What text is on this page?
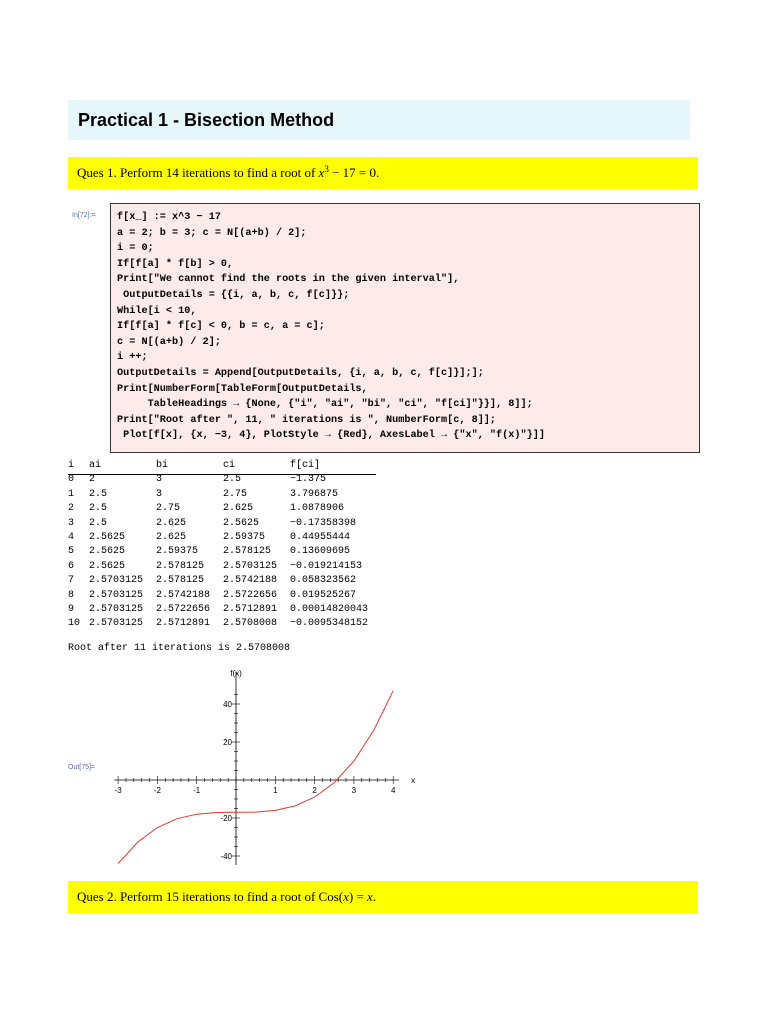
Practical 1 - Bisection Method
Ques 1. Perform 14 iterations to find a root of $x^3 - 17 = 0$.
In[72]:= f[x_] := x^3 − 17
a = 2; b = 3; c = N[(a+b) / 2];
i = 0;
If[f[a] * f[b] > 0,
Print["We cannot find the roots in the given interval"],
OutputDetails = {{i, a, b, c, f[c]}};
While[i < 10,
If[f[a] * f[c] < 0, b = c, a = c];
c = N[(a+b) / 2];
i ++;
OutputDetails = Append[OutputDetails, {i, a, b, c, f[c]}];];
Print[NumberForm[TableForm[OutputDetails,
TableHeadings → {None, {"i", "ai", "bi", "ci", "f[ci]"}}], 8]];
Print["Root after ", 11, " iterations is ", NumberForm[c, 8]];
Plot[f[x], {x, −3, 4}, PlotStyle → {Red}, AxesLabel → {"x", "f(x)"}]]
i ai	bi	ci	f[ci]
0 2	3	2.5	−1.375
1 2.5	3	2.75	3.796875
2 2.5	2.75	2.625	1.0878906
3 2.5	2.625	2.5625	−0.17358398
4 2.5625	2.625	2.59375 0.44955444
5 2.5625	2.59375 2.578125 0.13609695
6 2.5625	2.578125 2.5703125 −0.019214153
7 2.5703125 2.578125 2.5742188 0.058323562
8 2.5703125 2.5742188 2.5722656 0.019525267
9 2.5703125 2.5722656 2.5712891 0.00014820043
10 2.5703125 2.5712891 2.5708008 −0.0095348152
Root after 11 iterations is 2.5708008
Out[75]=
-3	-2	-1	1	2	3	4
-40
-20
20
40
x
f(x)
Ques 2. Perform 15 iterations to find a root of Cos(x) = x.
